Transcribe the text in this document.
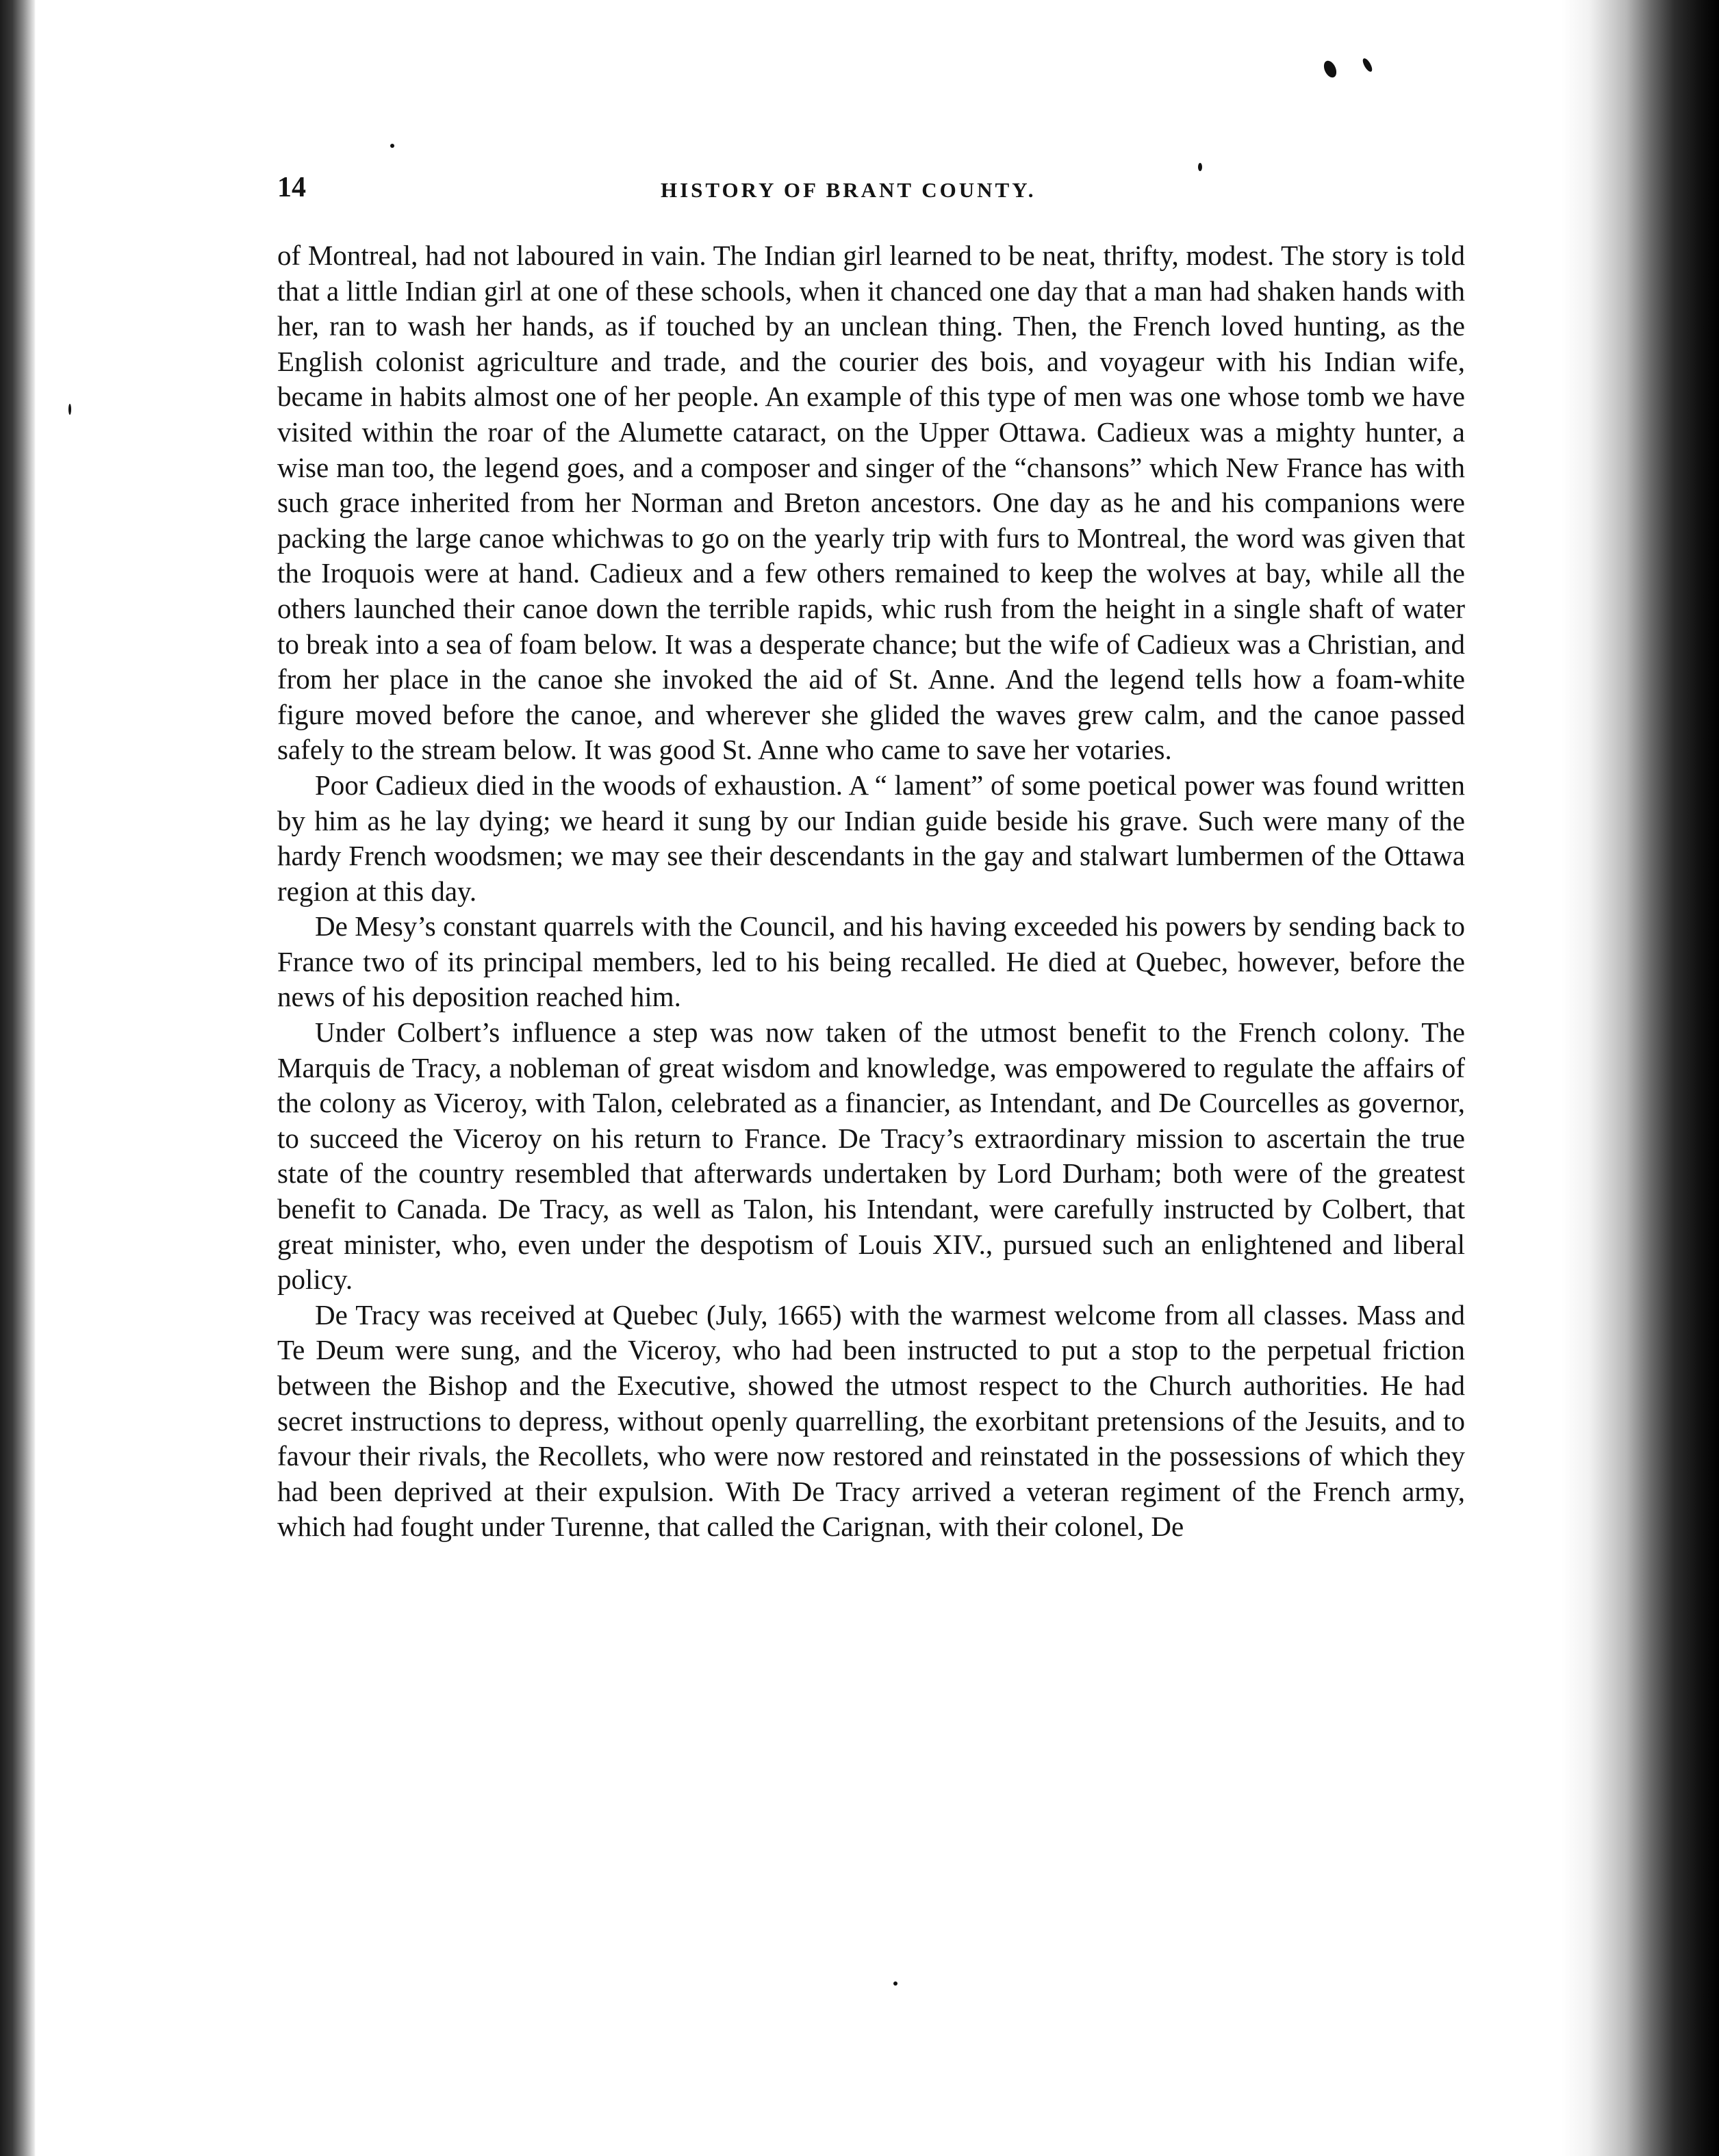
14	HISTORY OF BRANT COUNTY.

of Montreal, had not laboured in vain. The Indian girl learned to be neat, thrifty, modest. The story is told that a little Indian girl at one of these schools, when it chanced one day that a man had shaken hands with her, ran to wash her hands, as if touched by an unclean thing. Then, the French loved hunting, as the English colonist agriculture and trade, and the courier des bois, and voyageur with his Indian wife, became in habits almost one of her people. An example of this type of men was one whose tomb we have visited within the roar of the Alumette cataract, on the Upper Ottawa. Cadieux was a mighty hunter, a wise man too, the legend goes, and a composer and singer of the “chansons” which New France has with such grace inherited from her Norman and Breton ancestors. One day as he and his companions were packing the large canoe whichwas to go on the yearly trip with furs to Montreal, the word was given that the Iroquois were at hand. Cadieux and a few others remained to keep the wolves at bay, while all the others launched their canoe down the terrible rapids, whic rush from the height in a single shaft of water to break into a sea of foam below. It was a desperate chance; but the wife of Cadieux was a Christian, and from her place in the canoe she invoked the aid of St. Anne. And the legend tells how a foam-white figure moved before the canoe, and wherever she glided the waves grew calm, and the canoe passed safely to the stream below. It was good St. Anne who came to save her votaries.

Poor Cadieux died in the woods of exhaustion. A “ lament” of some poetical power was found written by him as he lay dying; we heard it sung by our Indian guide beside his grave. Such were many of the hardy French woodsmen; we may see their descendants in the gay and stalwart lumbermen of the Ottawa region at this day.

De Mesy’s constant quarrels with the Council, and his having exceeded his powers by sending back to France two of its principal members, led to his being recalled. He died at Quebec, however, before the news of his deposition reached him.

Under Colbert’s influence a step was now taken of the utmost benefit to the French colony. The Marquis de Tracy, a nobleman of great wisdom and knowledge, was empowered to regulate the affairs of the colony as Viceroy, with Talon, celebrated as a financier, as Intendant, and De Courcelles as governor, to succeed the Viceroy on his return to France. De Tracy’s extraordinary mission to ascertain the true state of the country resembled that afterwards undertaken by Lord Durham; both were of the greatest benefit to Canada. De Tracy, as well as Talon, his Intendant, were carefully instructed by Colbert, that great minister, who, even under the despotism of Louis XIV., pursued such an enlightened and liberal policy.

De Tracy was received at Quebec (July, 1665) with the warmest welcome from all classes. Mass and Te Deum were sung, and the Viceroy, who had been instructed to put a stop to the perpetual friction between the Bishop and the Executive, showed the utmost respect to the Church authorities. He had secret instructions to depress, without openly quarrelling, the exorbitant pretensions of the Jesuits, and to favour their rivals, the Recollets, who were now restored and reinstated in the possessions of which they had been deprived at their expulsion. With De Tracy arrived a veteran regiment of the French army, which had fought under Turenne, that called the Carignan, with their colonel, De
